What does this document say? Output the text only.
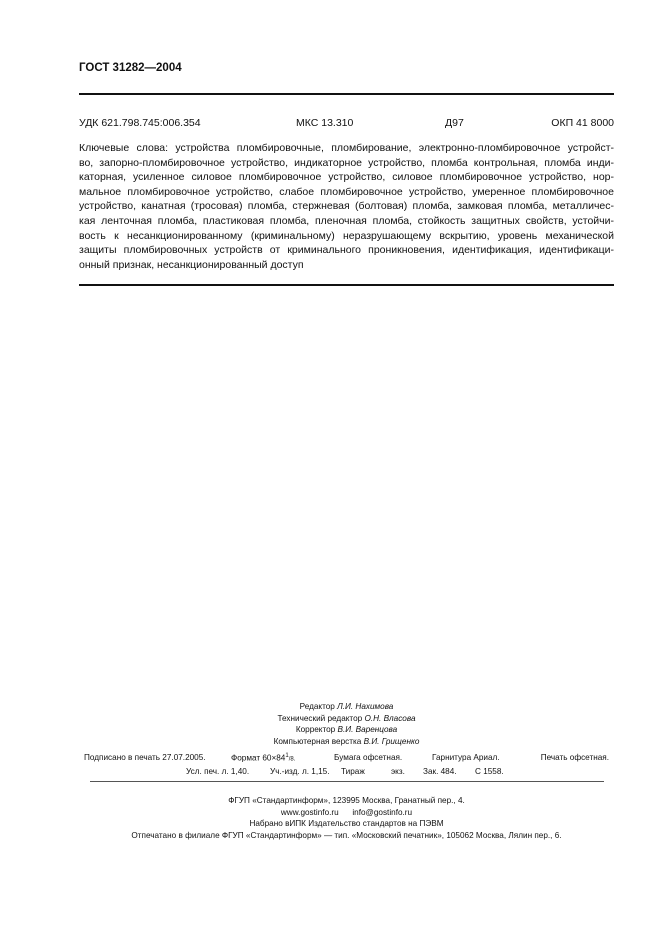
ГОСТ 31282—2004
УДК 621.798.745:006.354	МКС 13.310	Д97	ОКП 41 8000
Ключевые слова: устройства пломбировочные, пломбирование, электронно-пломбировочное устройст-
во, запорно-пломбировочное устройство, индикаторное устройство, пломба контрольная, пломба инди-
каторная, усиленное силовое пломбировочное устройство, силовое пломбировочное устройство, нор-
мальное пломбировочное устройство, слабое пломбировочное устройство, умеренное пломбировочное
устройство, канатная (тросовая) пломба, стержневая (болтовая) пломба, замковая пломба, металличес-
кая ленточная пломба, пластиковая пломба, пленочная пломба, стойкость защитных свойств, устойчи-
вость к несанкционированному (криминальному) неразрушающему вскрытию, уровень механической
защиты пломбировочных устройств от криминального проникновения, идентификация, идентификаци-
онный признак, несанкционированный доступ
Редактор Л.И. Нахимова
Технический редактор О.Н. Власова
Корректор В.И. Варенцова
Компьютерная верстка В.И. Грищенко
Подписано в печать 27.07.2005.	Формат $60\times 84^1/8$.	Бумага офсетная.	Гарнитура Ариал.	Печать офсетная.
Усл. печ. л. 1,40.	Уч.-изд. л. 1,15. Тираж	экз. Зак. 484. С 1558.
ФГУП «Стандартинформ», 123995 Москва, Гранатный пер., 4.
www.gostinfo.ru info@gostinfo.ru
Набрано вИПК Издательство стандартов на ПЭВМ
Отпечатано в филиале ФГУП «Стандартинформ» — тип. «Московский печатник», 105062 Москва, Лялин пер., 6.
